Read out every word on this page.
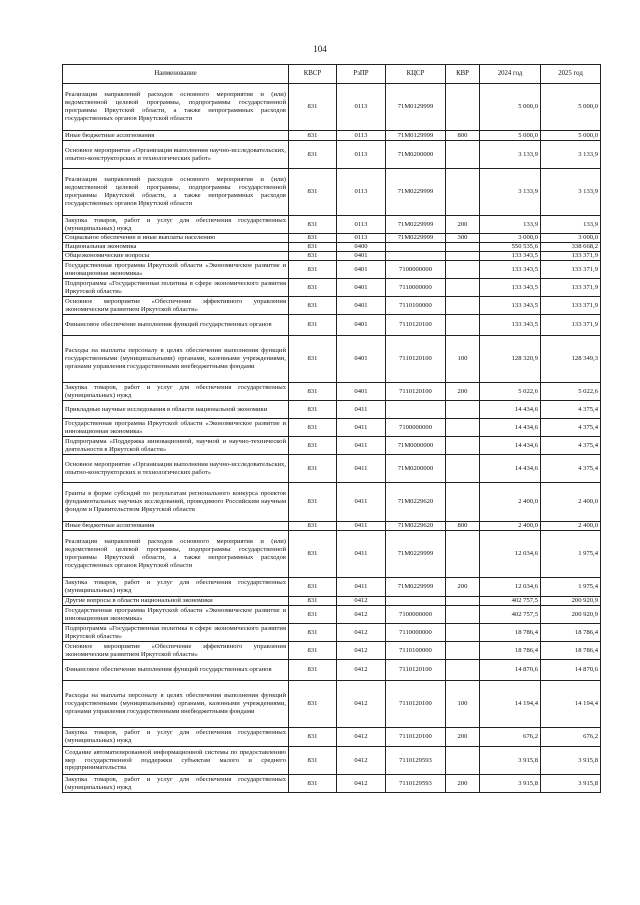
104
Наименование	КВСР	РзПР	КЦСР	КВР	2024 год	2025 год
Реализация направлений расходов основного мероприятия и (или) ведомственной целевой программы, подпрограммы государственной программы Иркутской области, а также непрограммных расходов государственных органов Иркутской области	831	0113	71М0129999		5 000,0	5 000,0
Иные бюджетные ассигнования	831	0113	71М0129999	800	5 000,0	5 000,0
Основное мероприятие «Организация выполнения научно-исследовательских, опытно-конструкторских и технологических работ»	831	0113	71М0200000		3 133,9	3 133,9
Реализация направлений расходов основного мероприятия и (или) ведомственной целевой программы, подпрограммы государственной программы Иркутской области, а также непрограммных расходов государственных органов Иркутской области	831	0113	71М0229999		3 133,9	3 133,9
Закупка товаров, работ и услуг для обеспечения государственных (муниципальных) нужд	831	0113	71М0229999	200	133,9	133,9
Социальное обеспечение и иные выплаты населению	831	0113	71М0229999	300	3 000,0	3 000,0
Национальная экономика	831	0400			550 535,6	338 668,2
Общеэкономические вопросы	831	0401			133 343,5	133 371,9
Государственная программа Иркутской области «Экономическое развитие и инновационная экономика»	831	0401	7100000000		133 343,5	133 371,9
Подпрограмма «Государственная политика в сфере экономического развития Иркутской области»	831	0401	7110000000		133 343,5	133 371,9
Основное мероприятие «Обеспечение эффективного управления экономическим развитием Иркутской области»	831	0401	7110100000		133 343,5	133 371,9
Финансовое обеспечение выполнения функций государственных органов	831	0401	7110120100		133 343,5	133 371,9
Расходы на выплаты персоналу в целях обеспечения выполнения функций государственными (муниципальными) органами, казенными учреждениями, органами управления государственными внебюджетными фондами	831	0401	7110120100	100	128 320,9	128 349,3
Закупка товаров, работ и услуг для обеспечения государственных (муниципальных) нужд	831	0401	7110120100	200	5 022,6	5 022,6
Прикладные научные исследования в области национальной экономики	831	0411			14 434,6	4 375,4
Государственная программа Иркутской области «Экономическое развитие и инновационная экономика»	831	0411	7100000000		14 434,6	4 375,4
Подпрограмма «Поддержка инновационной, научной и научно-технической деятельности в Иркутской области»	831	0411	71М0000000		14 434,6	4 375,4
Основное мероприятие «Организация выполнения научно-исследовательских, опытно-конструкторских и технологических работ»	831	0411	71М0200000		14 434,6	4 375,4
Гранты в форме субсидий по результатам регионального конкурса проектов фундаментальных научных исследований, проводимого Российским научным фондом и Правительством Иркутской области	831	0411	71М0229620		2 400,0	2 400,0
Иные бюджетные ассигнования	831	0411	71М0229620	800	2 400,0	2 400,0
Реализация направлений расходов основного мероприятия и (или) ведомственной целевой программы, подпрограммы государственной программы Иркутской области, а также непрограммных расходов государственных органов Иркутской области	831	0411	71М0229999		12 034,6	1 975,4
Закупка товаров, работ и услуг для обеспечения государственных (муниципальных) нужд	831	0411	71М0229999	200	12 034,6	1 975,4
Другие вопросы в области национальной экономики	831	0412			402 757,5	200 920,9
Государственная программа Иркутской области «Экономическое развитие и инновационная экономика»	831	0412	7100000000		402 757,5	200 920,9
Подпрограмма «Государственная политика в сфере экономического развития Иркутской области»	831	0412	7110000000		18 786,4	18 786,4
Основное мероприятие «Обеспечение эффективного управления экономическим развитием Иркутской области»	831	0412	7110100000		18 786,4	18 786,4
Финансовое обеспечение выполнения функций государственных органов	831	0412	7110120100		14 870,6	14 870,6
Расходы на выплаты персоналу в целях обеспечения выполнения функций государственными (муниципальными) органами, казенными учреждениями, органами управления государственными внебюджетными фондами	831	0412	7110120100	100	14 194,4	14 194,4
Закупка товаров, работ и услуг для обеспечения государственных (муниципальных) нужд	831	0412	7110120100	200	676,2	676,2
Создание автоматизированной информационной системы по предоставлению мер государственной поддержки субъектам малого и среднего предпринимательства	831	0412	7110129593		3 915,8	3 915,8
Закупка товаров, работ и услуг для обеспечения государственных (муниципальных) нужд	831	0412	7110129593	200	3 915,8	3 915,8
